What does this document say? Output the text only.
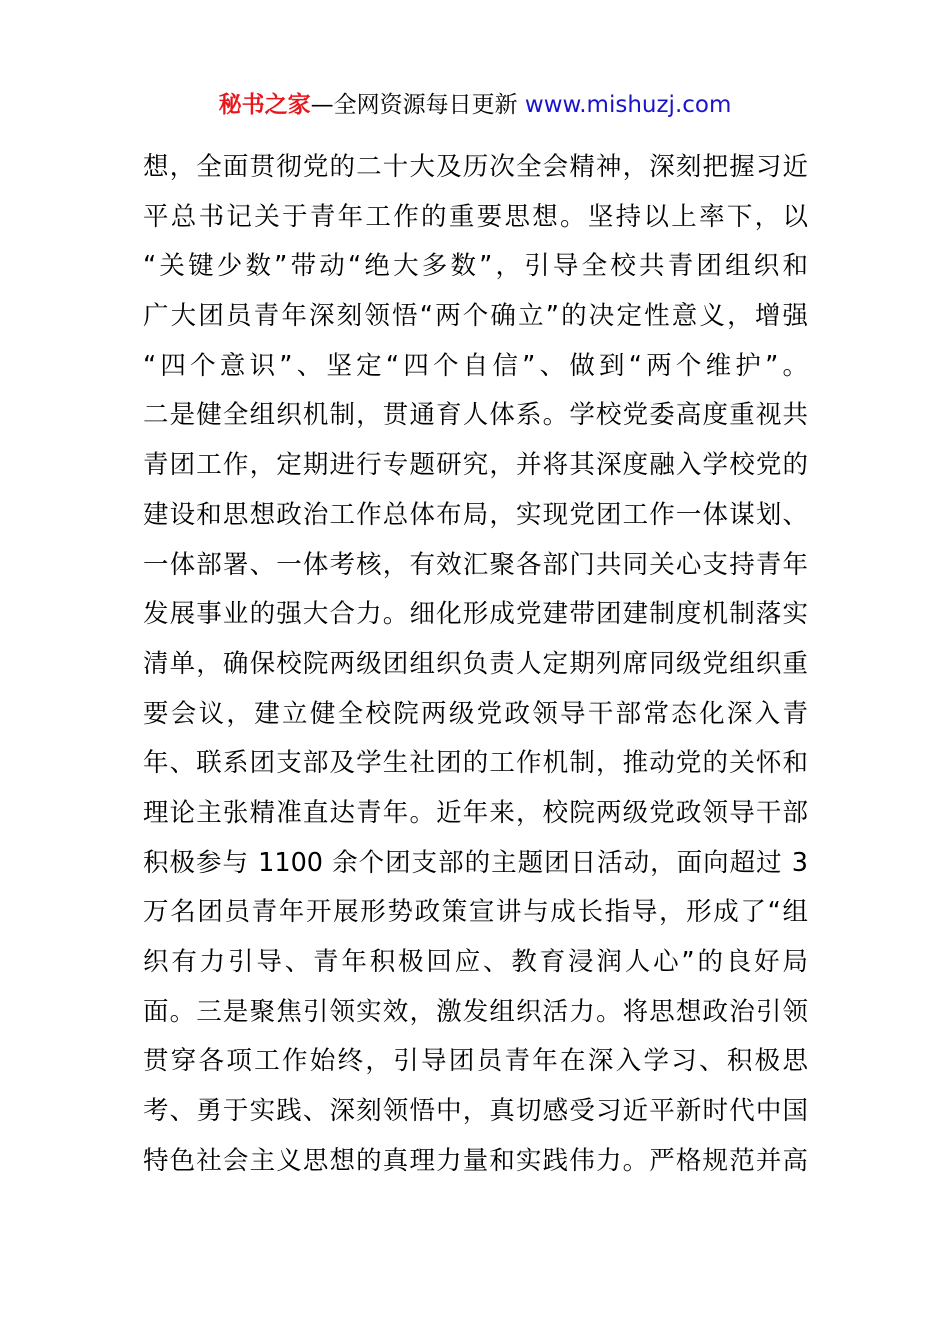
秘书之家—全网资源每日更新 www.mishuzj.com
想，全面贯彻党的二十大及历次全会精神，深刻把握习近
平总书记关于青年工作的重要思想。坚持以上率下，以
“关键少数”带动“绝大多数”，引导全校共青团组织和
广大团员青年深刻领悟“两个确立”的决定性意义，增强
“四个意识”、坚定“四个自信”、做到“两个维护”。
二是健全组织机制，贯通育人体系。学校党委高度重视共
青团工作，定期进行专题研究，并将其深度融入学校党的
建设和思想政治工作总体布局，实现党团工作一体谋划、
一体部署、一体考核，有效汇聚各部门共同关心支持青年
发展事业的强大合力。细化形成党建带团建制度机制落实
清单，确保校院两级团组织负责人定期列席同级党组织重
要会议，建立健全校院两级党政领导干部常态化深入青
年、联系团支部及学生社团的工作机制，推动党的关怀和
理论主张精准直达青年。近年来，校院两级党政领导干部
积极参与 1100 余个团支部的主题团日活动，面向超过 3
万名团员青年开展形势政策宣讲与成长指导，形成了“组
织有力引导、青年积极回应、教育浸润人心”的良好局
面。三是聚焦引领实效，激发组织活力。将思想政治引领
贯穿各项工作始终，引导团员青年在深入学习、积极思
考、勇于实践、深刻领悟中，真切感受习近平新时代中国
特色社会主义思想的真理力量和实践伟力。严格规范并高
